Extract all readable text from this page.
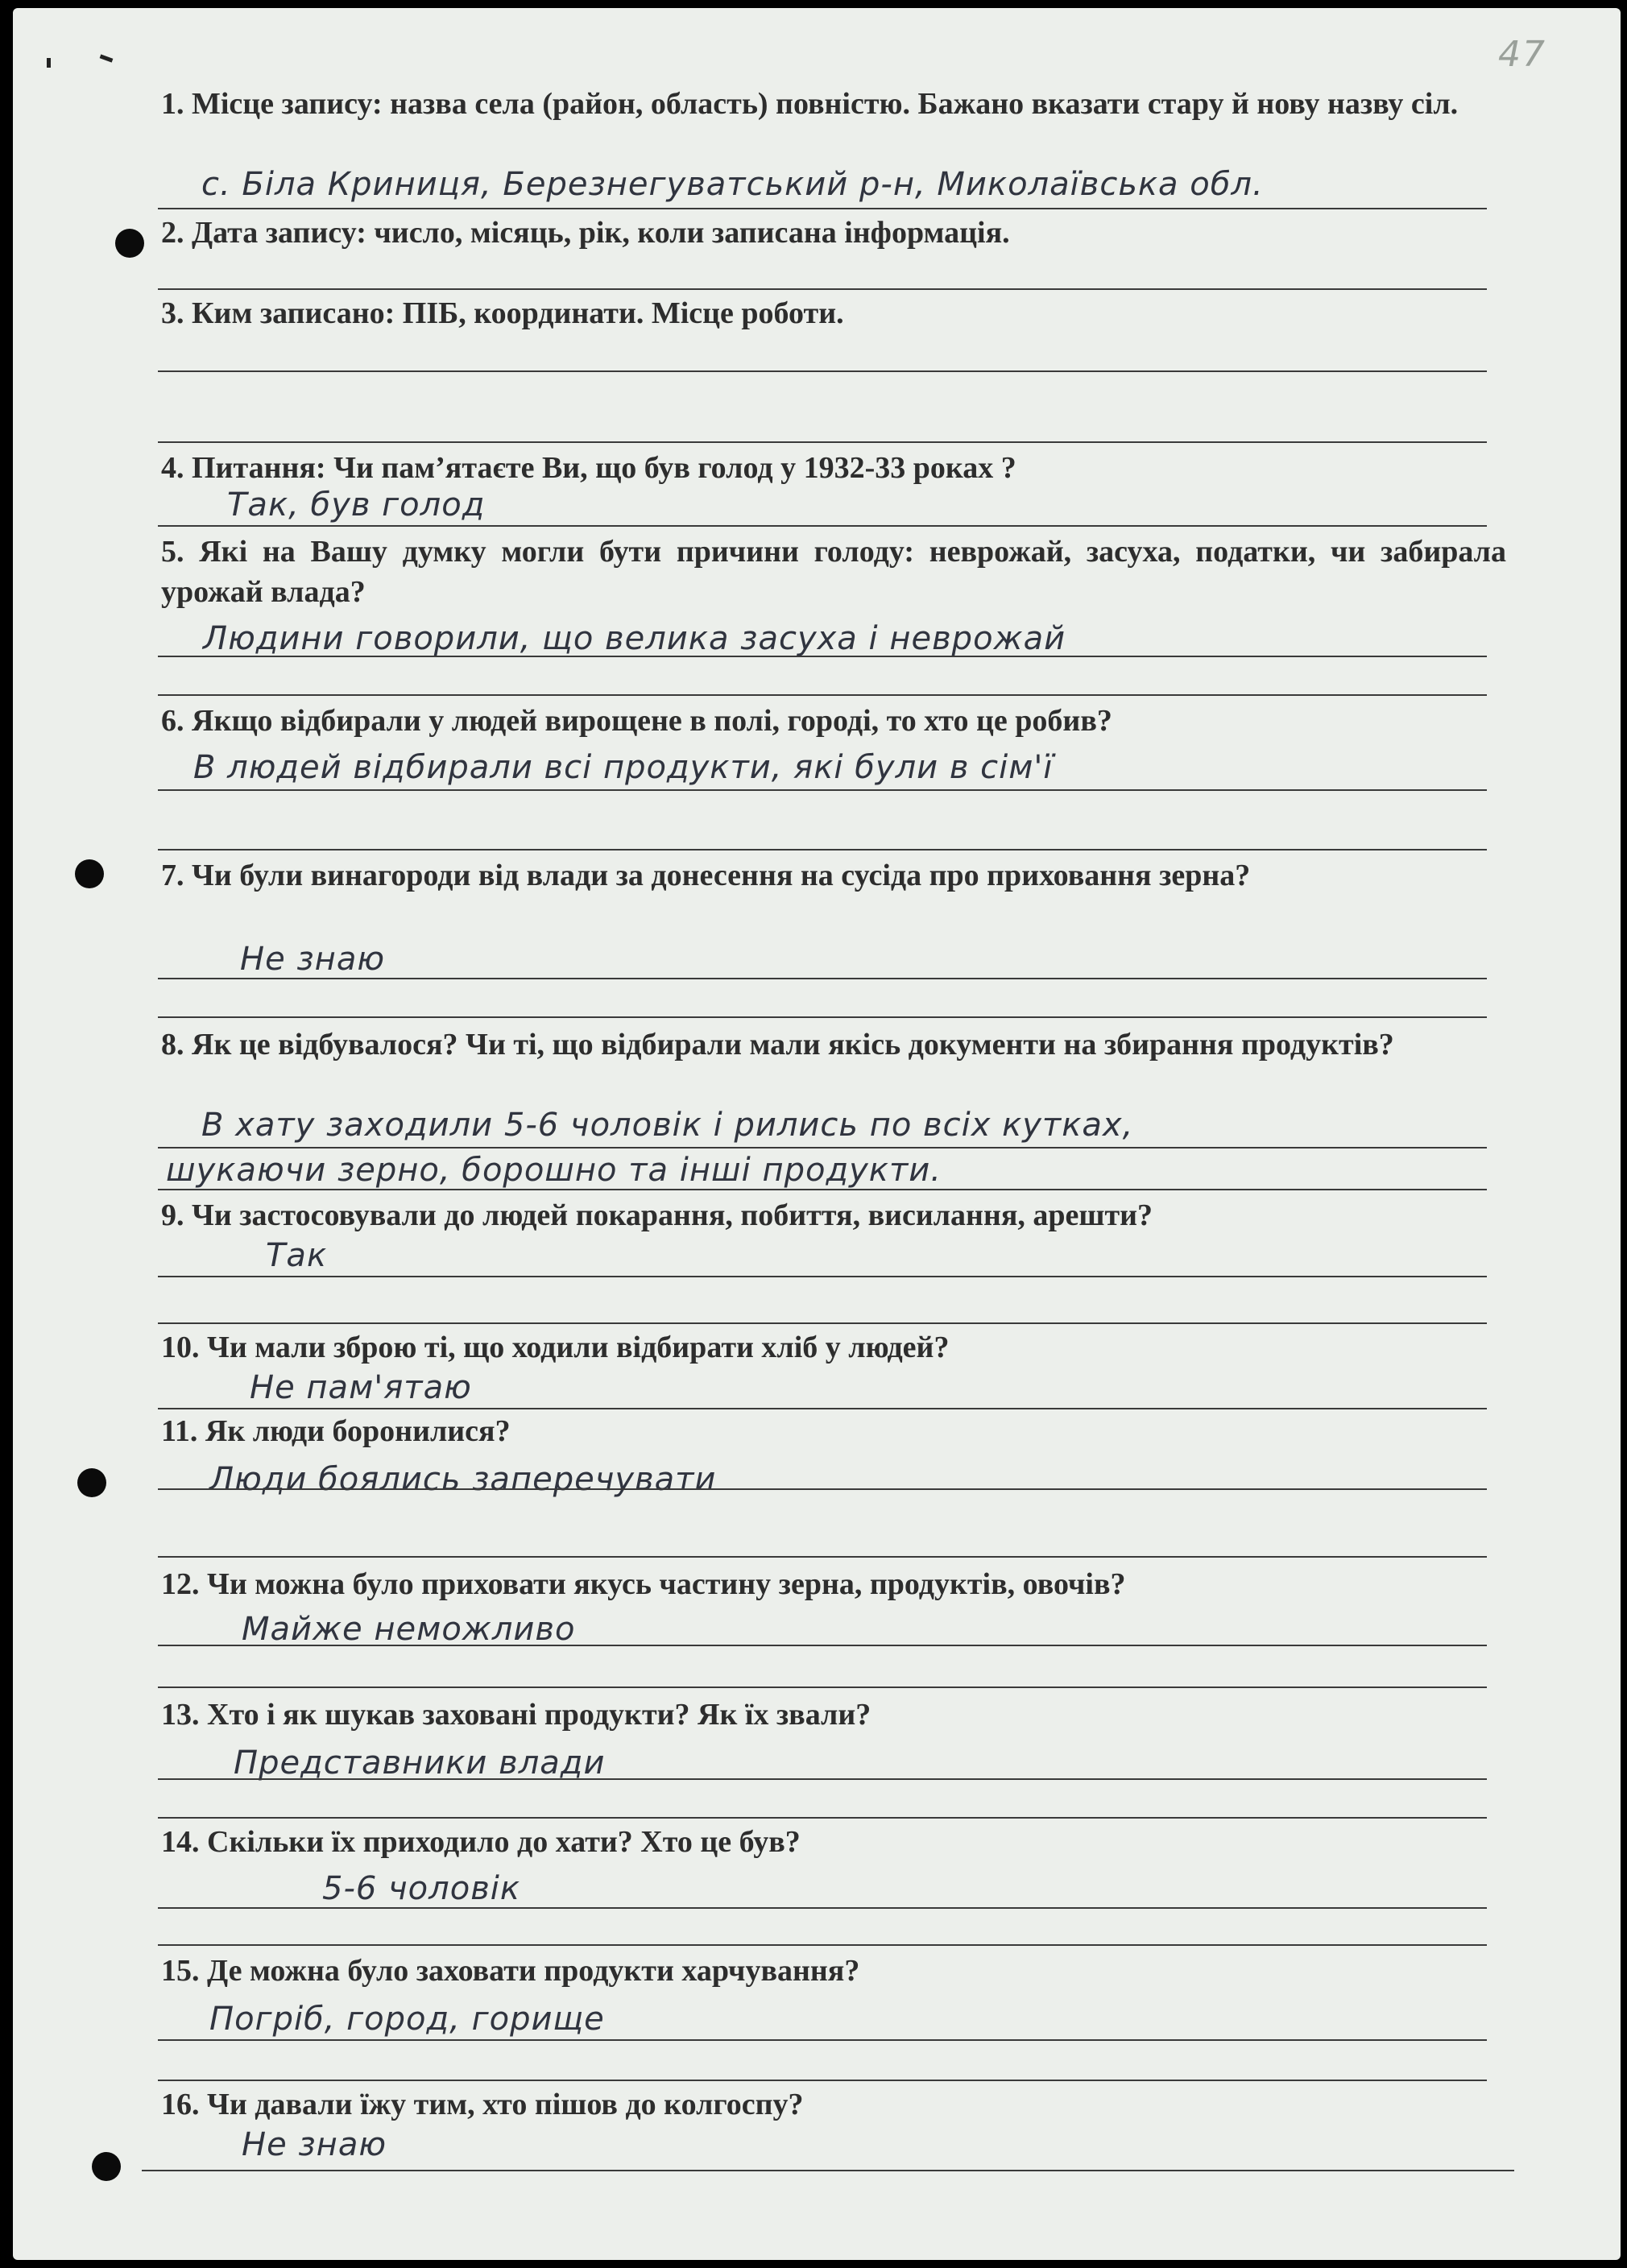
47

1. Місце запису: назва села (район, область) повністю. Бажано вказати стару й нову назву сіл.

с. Біла Криниця, Березнегуватський р-н, Миколаївська обл.

2. Дата запису: число, місяць, рік, коли записана інформація.

3. Ким записано: ПІБ, координати. Місце роботи.

4. Питання: Чи пам’ятаєте Ви, що був голод у 1932-33 роках ?

Так, був голод

5. Які на Вашу думку могли бути причини голоду: неврожай, засуха, податки, чи забирала урожай влада?

Людини говорили, що велика засуха і неврожай

6. Якщо відбирали у людей вирощене в полі, городі, то хто це робив?

В людей відбирали всі продукти, які були в сім'ї

7. Чи були винагороди від влади за донесення на сусіда про приховання зерна?

Не знаю

8. Як це відбувалося? Чи ті, що відбирали мали якісь документи на збирання продуктів?

В хату заходили 5-6 чоловік і рились по всіх кутках,
шукаючи зерно, борошно та інші продукти.

9. Чи застосовували до людей покарання, побиття, висилання, арешти?

Так

10. Чи мали зброю ті, що ходили відбирати хліб у людей?

Не пам'ятаю

11. Як люди боронилися?

Люди боялись заперечувати

12. Чи можна було приховати якусь частину зерна, продуктів, овочів?

Майже неможливо

13. Хто і як шукав заховані продукти? Як їх звали?

Представники влади

14. Скільки їх приходило до хати? Хто це був?

5-6 чоловік

15. Де можна було заховати продукти харчування?

Погріб, город, горище

16. Чи давали їжу тим, хто пішов до колгоспу?

Не знаю
